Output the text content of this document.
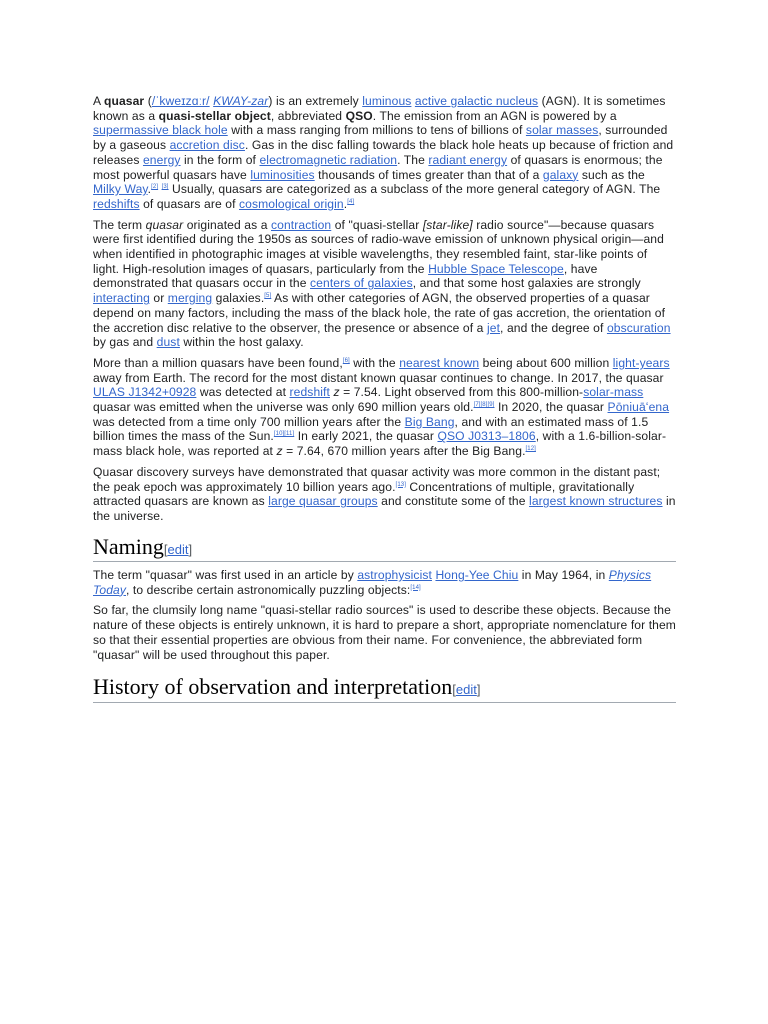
A quasar (/ˈkweɪzɑːr/ KWAY-zar) is an extremely luminous active galactic nucleus (AGN). It is sometimes known as a quasi-stellar object, abbreviated QSO. The emission from an AGN is powered by a supermassive black hole with a mass ranging from millions to tens of billions of solar masses, surrounded by a gaseous accretion disc. Gas in the disc falling towards the black hole heats up because of friction and releases energy in the form of electromagnetic radiation. The radiant energy of quasars is enormous; the most powerful quasars have luminosities thousands of times greater than that of a galaxy such as the Milky Way.[2] [3] Usually, quasars are categorized as a subclass of the more general category of AGN. The redshifts of quasars are of cosmological origin.[4]

The term quasar originated as a contraction of "quasi-stellar [star-like] radio source"—because quasars were first identified during the 1950s as sources of radio-wave emission of unknown physical origin—and when identified in photographic images at visible wavelengths, they resembled faint, star-like points of light. High-resolution images of quasars, particularly from the Hubble Space Telescope, have demonstrated that quasars occur in the centers of galaxies, and that some host galaxies are strongly interacting or merging galaxies.[5] As with other categories of AGN, the observed properties of a quasar depend on many factors, including the mass of the black hole, the rate of gas accretion, the orientation of the accretion disc relative to the observer, the presence or absence of a jet, and the degree of obscuration by gas and dust within the host galaxy.

More than a million quasars have been found,[6] with the nearest known being about 600 million light-years away from Earth. The record for the most distant known quasar continues to change. In 2017, the quasar ULAS J1342+0928 was detected at redshift z = 7.54. Light observed from this 800-million-solar-mass quasar was emitted when the universe was only 690 million years old.[7][8][9] In 2020, the quasar Pōniuāʻena was detected from a time only 700 million years after the Big Bang, and with an estimated mass of 1.5 billion times the mass of the Sun.[10][11] In early 2021, the quasar QSO J0313–1806, with a 1.6-billion-solar-mass black hole, was reported at z = 7.64, 670 million years after the Big Bang.[12]

Quasar discovery surveys have demonstrated that quasar activity was more common in the distant past; the peak epoch was approximately 10 billion years ago.[13] Concentrations of multiple, gravitationally attracted quasars are known as large quasar groups and constitute some of the largest known structures in the universe.

Naming[edit]

The term "quasar" was first used in an article by astrophysicist Hong-Yee Chiu in May 1964, in Physics Today, to describe certain astronomically puzzling objects:[14]

So far, the clumsily long name "quasi-stellar radio sources" is used to describe these objects. Because the nature of these objects is entirely unknown, it is hard to prepare a short, appropriate nomenclature for them so that their essential properties are obvious from their name. For convenience, the abbreviated form "quasar" will be used throughout this paper.

History of observation and interpretation[edit]
